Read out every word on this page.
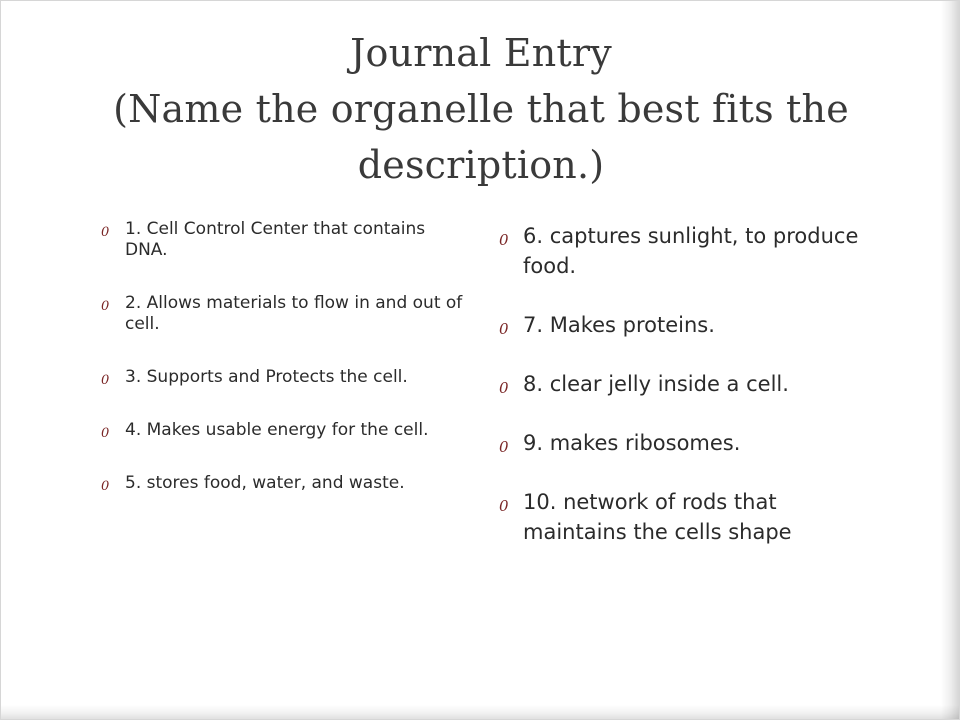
Journal Entry
(Name the organelle that best fits the
description.)
0 1. Cell Control Center that contains DNA.
0 2. Allows materials to flow in and out of cell.
0 3. Supports and Protects the cell.
0 4. Makes usable energy for the cell.
0 5. stores food, water, and waste.
0 6. captures sunlight, to produce food.
0 7. Makes proteins.
0 8. clear jelly inside a cell.
0 9. makes ribosomes.
0 10. network of rods that maintains the cells shape
